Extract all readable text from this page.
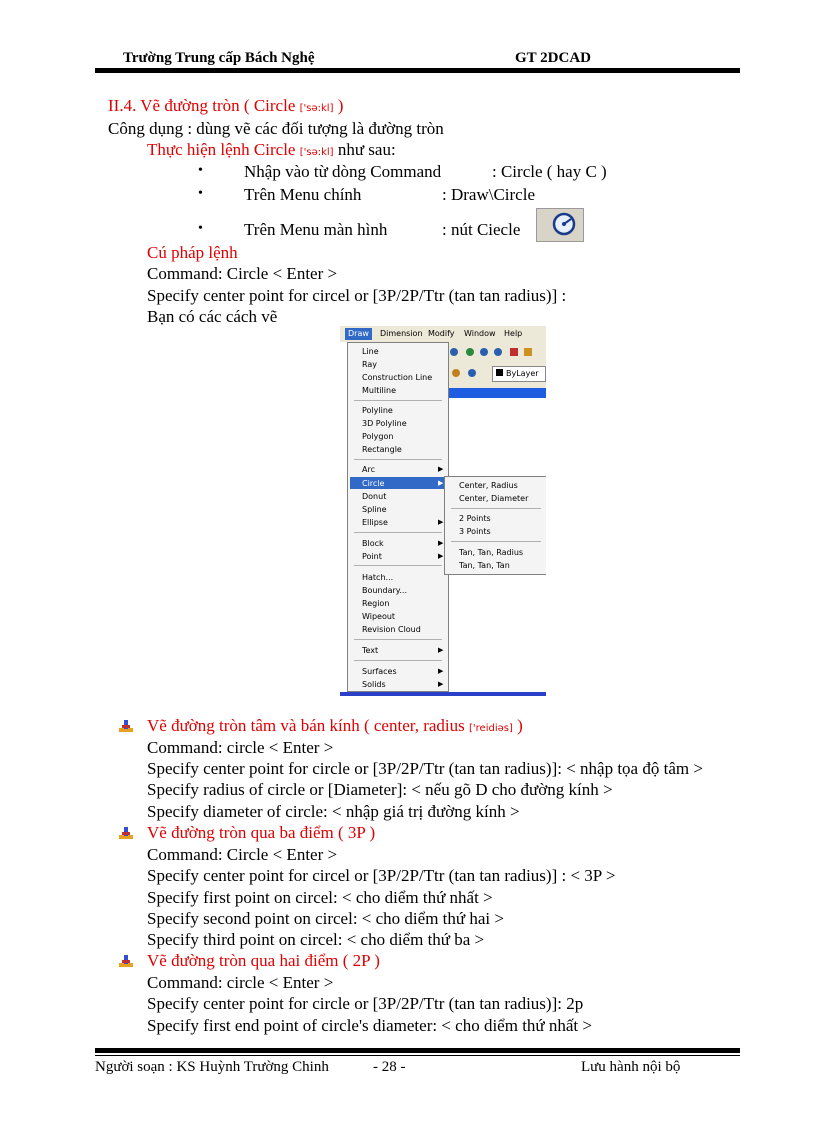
Trường Trung cấp Bách Nghệ	GT 2DCAD
II.4. Vẽ đường tròn ( Circle ['sə:kl] )
Công dụng : dùng vẽ các đối tượng là đường tròn
Thực hiện lệnh Circle ['sə:kl] như sau:
• Nhập vào từ dòng Command	: Circle ( hay C )
• Trên Menu chính	: Draw\Circle
• Trên Menu màn hình	: nút Ciecle
Cú pháp lệnh
Command: Circle < Enter >
Specify center point for circel or [3P/2P/Ttr (tan tan radius)] :
Bạn có các cách vẽ
Draw	Dimension Modify Window Help
ByLayer
Line
Ray
Construction Line
Multiline
Polyline
3D Polyline
Polygon
Rectangle
Arc	▶
Circle	▶
Donut
Spline
Ellipse	▶
Block	▶
Point	▶
Hatch...
Boundary...
Region
Wipeout
Revision Cloud
Text	▶
Surfaces	▶
Solids	▶
Center, Radius
Center, Diameter
2 Points
3 Points
Tan, Tan, Radius
Tan, Tan, Tan
Vẽ đường tròn tâm và bán kính ( center, radius ['reidiəs] )
Command: circle < Enter >
Specify center point for circle or [3P/2P/Ttr (tan tan radius)]: < nhập tọa độ tâm >
Specify radius of circle or [Diameter]: < nếu gõ D cho đường kính >
Specify diameter of circle: < nhập giá trị đường kính >
Vẽ đường tròn qua ba điểm ( 3P )
Command: Circle < Enter >
Specify center point for circel or [3P/2P/Ttr (tan tan radius)] : < 3P >
Specify first point on circel: < cho diểm thứ nhất >
Specify second point on circel: < cho diểm thứ hai >
Specify third point on circel: < cho diểm thứ ba >
Vẽ đường tròn qua hai điểm ( 2P )
Command: circle < Enter >
Specify center point for circle or [3P/2P/Ttr (tan tan radius)]: 2p
Specify first end point of circle's diameter: < cho diểm thứ nhất >
Người soạn : KS Huỳnh Trường Chinh	- 28 -	Lưu hành nội bộ
